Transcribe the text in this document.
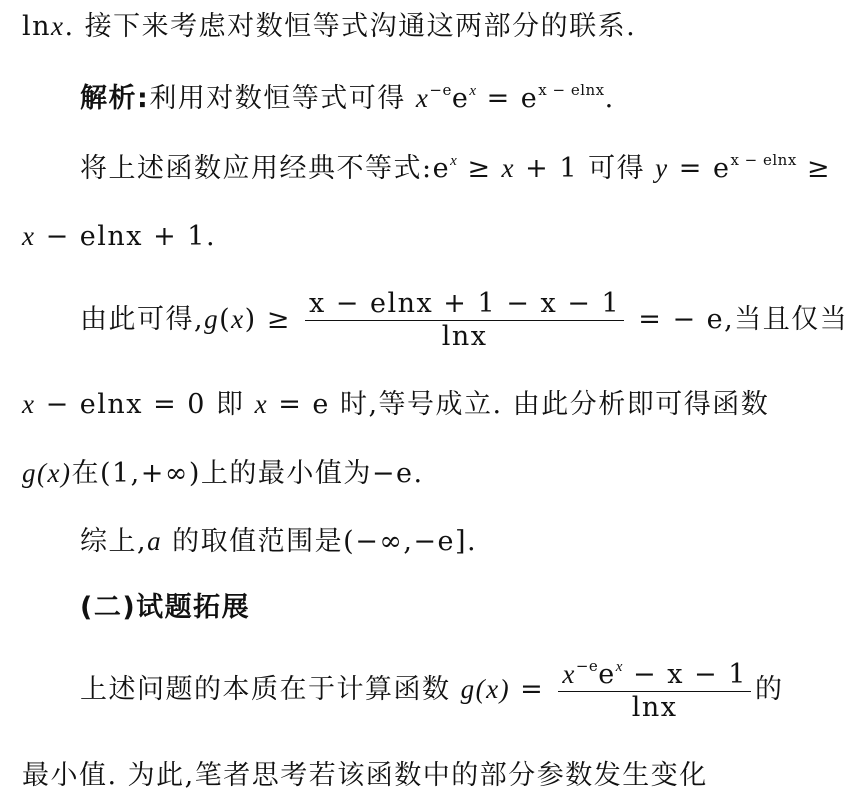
lnx. 接下来考虑对数恒等式沟通这两部分的联系.
解析:利用对数恒等式可得 $x^{-e}e^x = e^{x - elnx}$.
将上述函数应用经典不等式$:e^x \ge x + 1$ 可得 $y = e^{x - elnx}$ ≥
x − elnx + 1.
由此可得$,g(x) \ge \frac{x - elnx + 1 - x - 1}{\ln x}$ = − e,当且仅当
x − elnx = 0 即 x = e 时,等号成立. 由此分析即可得函数
g(x)在(1,+∞)上的最小值为−e.
综上,a 的取值范围是(−∞,−e].
(二)试题拓展
上述问题的本质在于计算函数 $g(x) = \frac{x^{-e}e^x - x - 1}{\ln x}$ 的
最小值. 为此,笔者思考若该函数中的部分参数发生变化
